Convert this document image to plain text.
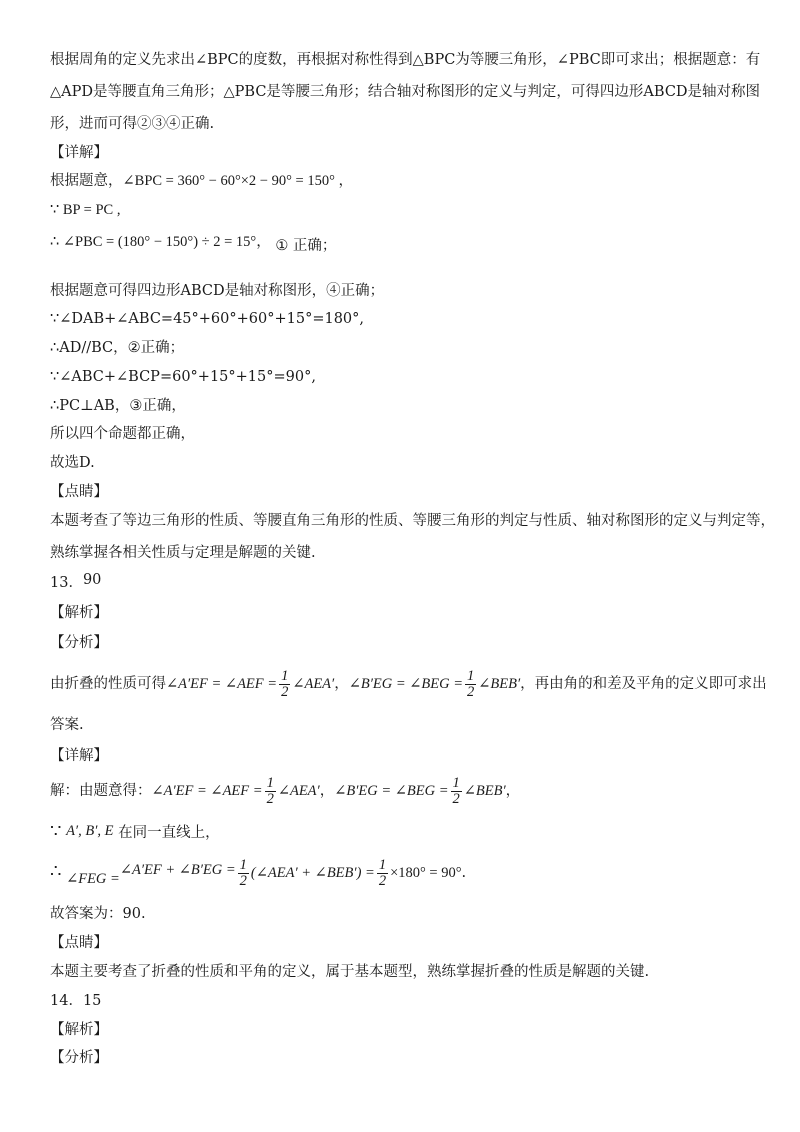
根据周角的定义先求出∠BPC的度数，再根据对称性得到△BPC为等腰三角形，∠PBC即可求出；根据题意：有
△APD是等腰直角三角形；△PBC是等腰三角形；结合轴对称图形的定义与判定，可得四边形ABCD是轴对称图
形，进而可得②③④正确.
【详解】
根据题意，∠BPC = 360° − 60°×2 − 90° = 150° ，
∵ BP = PC ,
∴ ∠PBC = (180° − 150°) ÷ 2 = 15°， ① 正确；
根据题意可得四边形ABCD是轴对称图形，④正确；
∵∠DAB+∠ABC=45°+60°+60°+15°=180°,
∴AD//BC，②正确；
∵∠ABC+∠BCP=60°+15°+15°=90°,
∴PC⊥AB，③正确，
所以四个命题都正确，
故选D.
【点睛】
本题考查了等边三角形的性质、等腰直角三角形的性质、等腰三角形的判定与性质、轴对称图形的定义与判定等，
熟练掌握各相关性质与定理是解题的关键.
13．90
【解析】
【分析】
由折叠的性质可得∠A′EF = ∠AEF = $\frac{1}{2}$ ∠AEA′，∠B′EG = ∠BEG = $\frac{1}{2}$ ∠BEB′，再由角的和差及平角的定义即可求出
答案.
【详解】
解：由题意得：∠A′EF = ∠AEF = $\frac{1}{2}$ ∠AEA′，∠B′EG = ∠BEG = $\frac{1}{2}$ ∠BEB′，
∵ A′, B′, E 在同一直线上，
∴ ∠FEG =∠A′EF + ∠B′EG = $\frac{1}{2}$ (∠AEA′ + ∠BEB′) = $\frac{1}{2} \times 180^\circ = 90^\circ$.
故答案为：90.
【点睛】
本题主要考查了折叠的性质和平角的定义，属于基本题型，熟练掌握折叠的性质是解题的关键.
14．15
【解析】
【分析】
